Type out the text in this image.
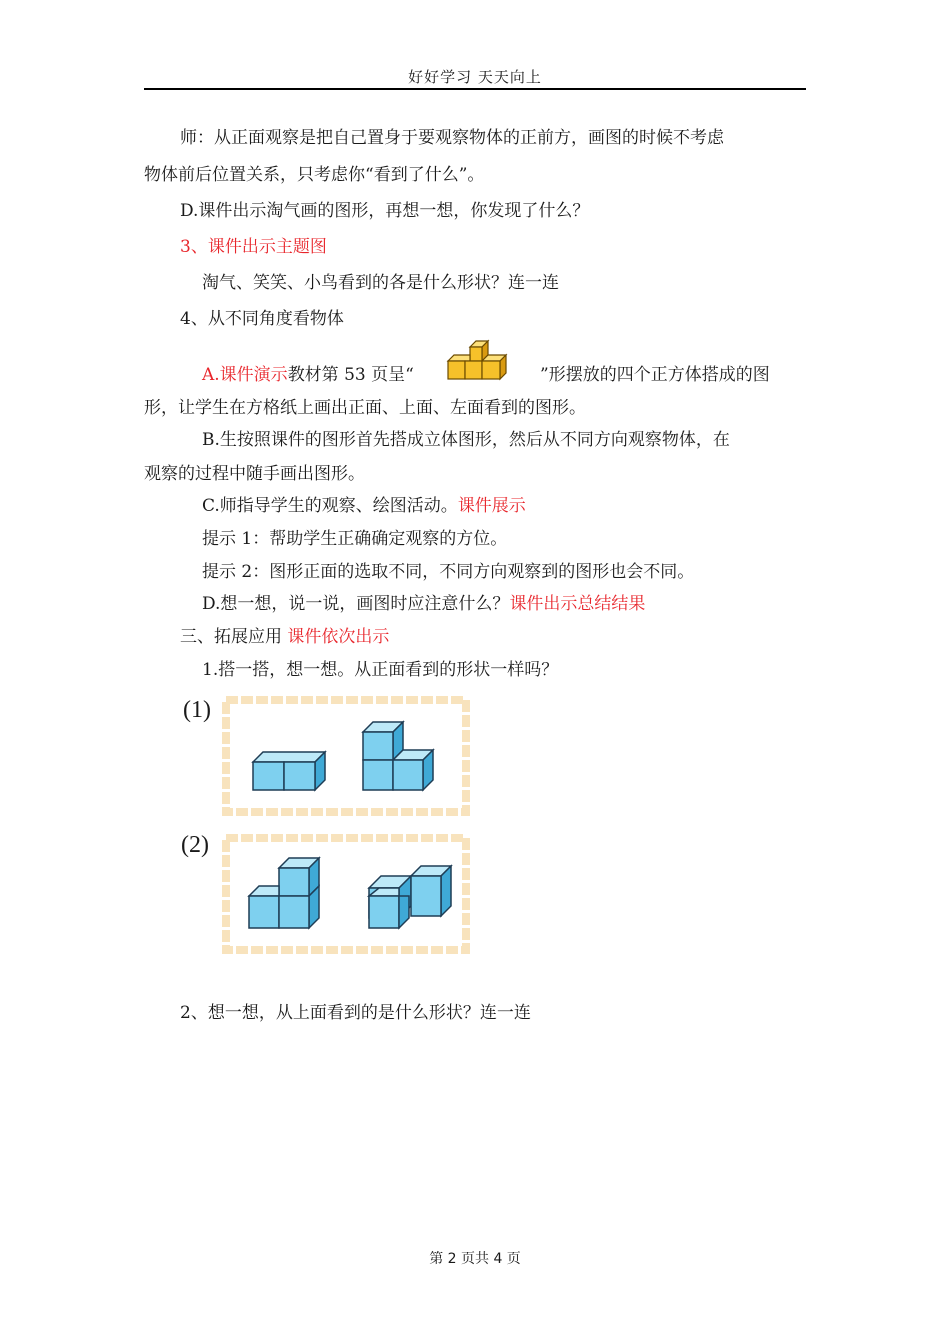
好好学习 天天向上
师：从正面观察是把自己置身于要观察物体的正前方，画图的时候不考虑
物体前后位置关系，只考虑你“看到了什么”。
D.课件出示淘气画的图形，再想一想，你发现了什么？
3、课件出示主题图
淘气、笑笑、小鸟看到的各是什么形状？连一连
4、从不同角度看物体
A.课件演示教材第 53 页呈“	”形摆放的四个正方体搭成的图
形，让学生在方格纸上画出正面、上面、左面看到的图形。
B.生按照课件的图形首先搭成立体图形，然后从不同方向观察物体，在
观察的过程中随手画出图形。
C.师指导学生的观察、绘图活动。课件展示
提示 1：帮助学生正确确定观察的方位。
提示 2：图形正面的选取不同，不同方向观察到的图形也会不同。
D.想一想，说一说，画图时应注意什么？课件出示总结结果
三、拓展应用 课件依次出示
1.搭一搭，想一想。从正面看到的形状一样吗？
(1)
(2)
2、想一想，从上面看到的是什么形状？连一连
第 2 页共 4 页
